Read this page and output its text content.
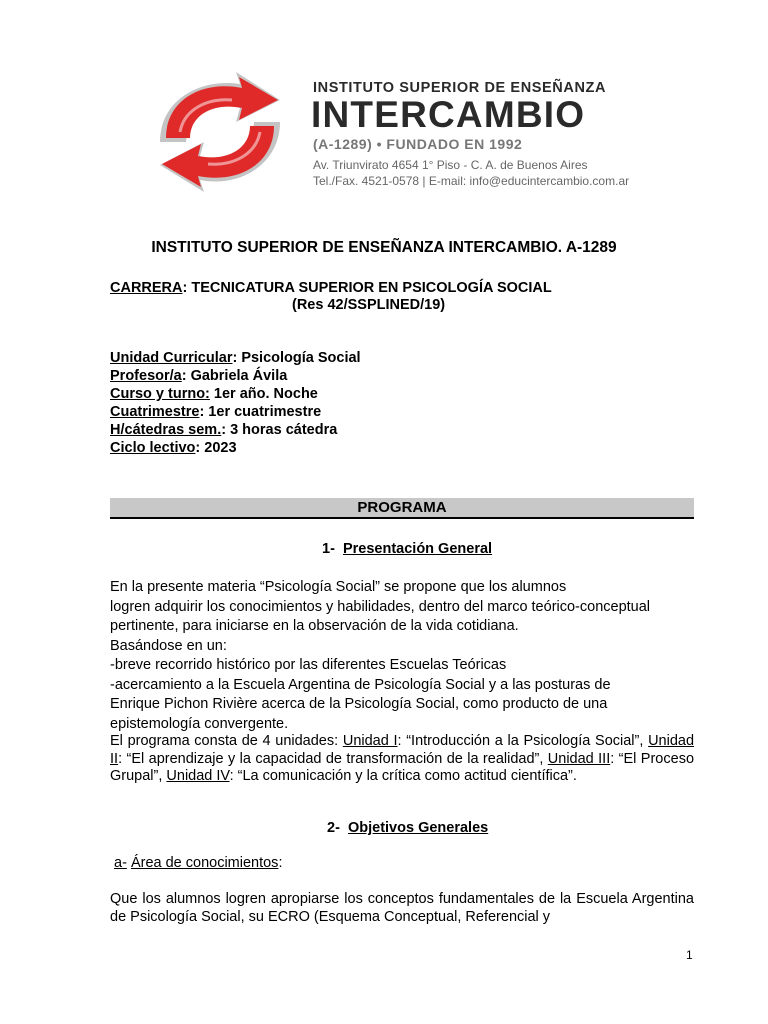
INSTITUTO SUPERIOR DE ENSEÑANZA
INTERCAMBIO
(A-1289) • FUNDADO EN 1992
Av. Triunvirato 4654 1° Piso - C. A. de Buenos Aires
Tel./Fax. 4521-0578 | E-mail: info@educintercambio.com.ar
INSTITUTO SUPERIOR DE ENSEÑANZA INTERCAMBIO. A-1289
CARRERA: TECNICATURA SUPERIOR EN PSICOLOGÍA SOCIAL
(Res 42/SSPLINED/19)
Unidad Curricular: Psicología Social
Profesor/a: Gabriela Ávila
Curso y turno: 1er año. Noche
Cuatrimestre: 1er cuatrimestre
H/cátedras sem.: 3 horas cátedra
Ciclo lectivo: 2023
PROGRAMA
1- Presentación General
En la presente materia “Psicología Social” se propone que los alumnos
logren adquirir los conocimientos y habilidades, dentro del marco teórico-conceptual
pertinente, para iniciarse en la observación de la vida cotidiana.
Basándose en un:
-breve recorrido histórico por las diferentes Escuelas Teóricas
-acercamiento a la Escuela Argentina de Psicología Social y a las posturas de
Enrique Pichon Rivière acerca de la Psicología Social, como producto de una
epistemología convergente.
El programa consta de 4 unidades: Unidad I: “Introducción a la Psicología Social”, Unidad II: “El aprendizaje y la capacidad de transformación de la realidad”, Unidad III: “El Proceso Grupal”, Unidad IV: “La comunicación y la crítica como actitud científica”.
2- Objetivos Generales
a- Área de conocimientos:
Que los alumnos logren apropiarse los conceptos fundamentales de la Escuela Argentina de Psicología Social, su ECRO (Esquema Conceptual, Referencial y
1
